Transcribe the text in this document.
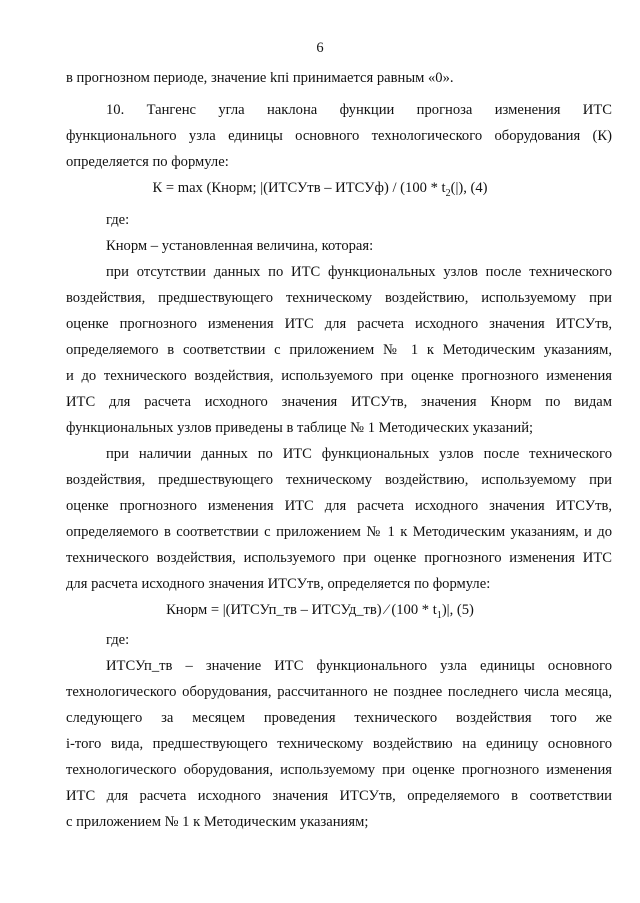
6
в прогнозном периоде, значение kпі принимается равным «0».
10. Тангенс угла наклона функции прогноза изменения ИТС
функционального узла единицы основного технологического оборудования (К)
определяется по формуле:
К = max (Кнорм; |(ИТСУтв – ИТСУф) / ($100 * t_2(|)$, (4)
где:
Кнорм – установленная величина, которая:
при отсутствии данных по ИТС функциональных узлов после технического
воздействия, предшествующего техническому воздействию, используемому при
оценке прогнозного изменения ИТС для расчета исходного значения ИТСУтв,
определяемого в соответствии с приложением № 1 к Методическим указаниям,
и до технического воздействия, используемого при оценке прогнозного изменения
ИТС для расчета исходного значения ИТСУтв, значения Кнорм по видам
функциональных узлов приведены в таблице № 1 Методических указаний;
при наличии данных по ИТС функциональных узлов после технического
воздействия, предшествующего техническому воздействию, используемому при
оценке прогнозного изменения ИТС для расчета исходного значения ИТСУтв,
определяемого в соответствии с приложением № 1 к Методическим указаниям, и до
технического воздействия, используемого при оценке прогнозного изменения ИТС
для расчета исходного значения ИТСУтв, определяется по формуле:
Кнорм = |(ИТСУп_тв – ИТСУд_тв) ⁄ $(100 * t_1)|$, (5)
где:
ИТСУп_тв – значение ИТС функционального узла единицы основного
технологического оборудования, рассчитанного не позднее последнего числа месяца,
следующего за месяцем проведения технического воздействия того же
i-того вида, предшествующего техническому воздействию на единицу основного
технологического оборудования, используемому при оценке прогнозного изменения
ИТС для расчета исходного значения ИТСУтв, определяемого в соответствии
с приложением № 1 к Методическим указаниям;
